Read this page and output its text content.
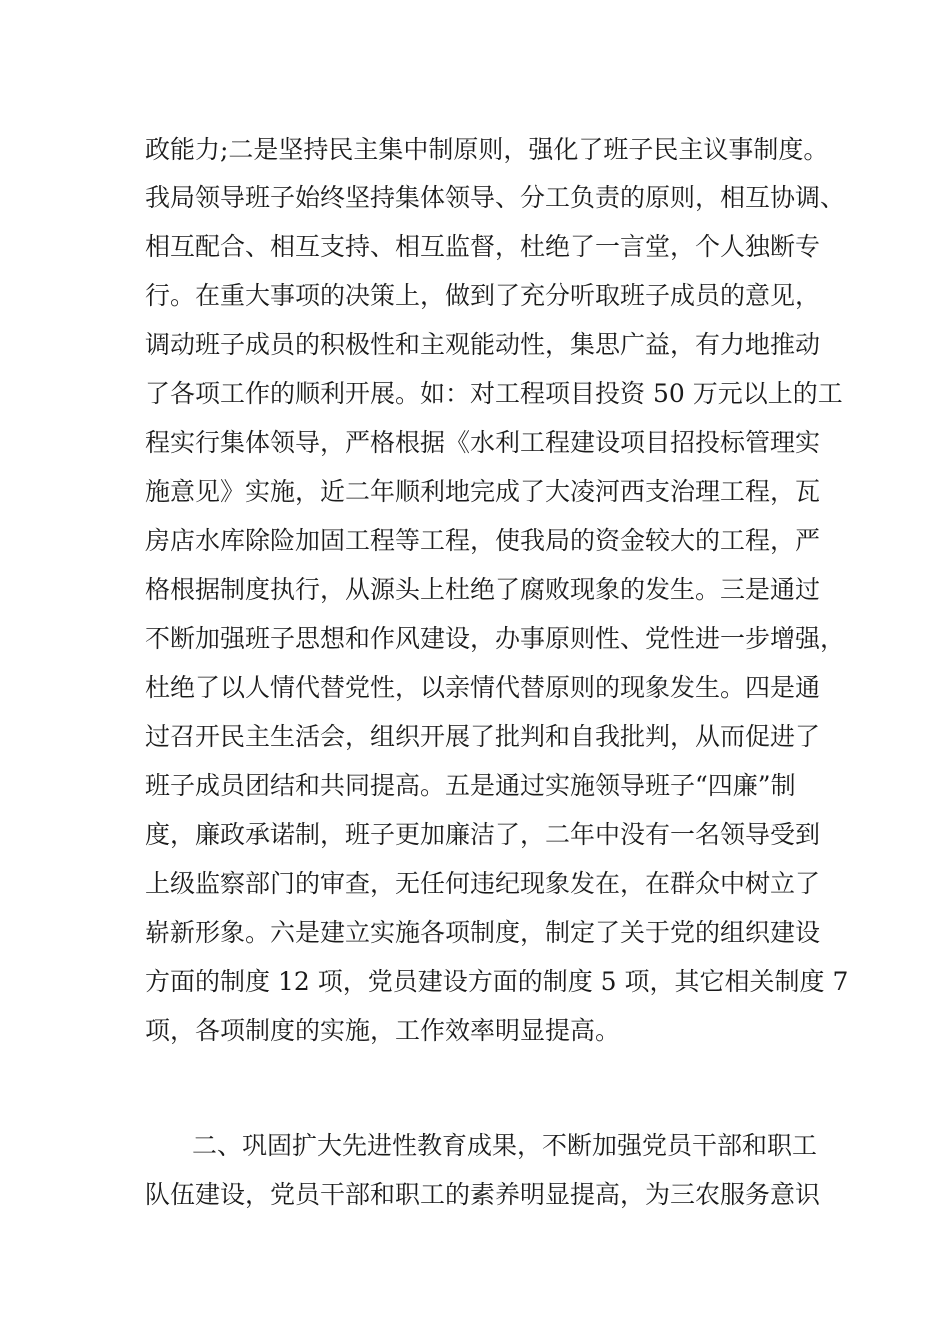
政能力;二是坚持民主集中制原则，强化了班子民主议事制度。
我局领导班子始终坚持集体领导、分工负责的原则，相互协调、
相互配合、相互支持、相互监督，杜绝了一言堂，个人独断专
行。在重大事项的决策上，做到了充分听取班子成员的意见，
调动班子成员的积极性和主观能动性，集思广益，有力地推动
了各项工作的顺利开展。如：对工程项目投资 50 万元以上的工
程实行集体领导，严格根据《水利工程建设项目招投标管理实
施意见》实施，近二年顺利地完成了大凌河西支治理工程，瓦
房店水库除险加固工程等工程，使我局的资金较大的工程，严
格根据制度执行，从源头上杜绝了腐败现象的发生。三是通过
不断加强班子思想和作风建设，办事原则性、党性进一步增强，
杜绝了以人情代替党性，以亲情代替原则的现象发生。四是通
过召开民主生活会，组织开展了批判和自我批判，从而促进了
班子成员团结和共同提高。五是通过实施领导班子“四廉”制
度，廉政承诺制，班子更加廉洁了，二年中没有一名领导受到
上级监察部门的审查，无任何违纪现象发在，在群众中树立了
崭新形象。六是建立实施各项制度，制定了关于党的组织建设
方面的制度 12 项，党员建设方面的制度 5 项，其它相关制度 7
项，各项制度的实施，工作效率明显提高。
二、巩固扩大先进性教育成果，不断加强党员干部和职工
队伍建设，党员干部和职工的素养明显提高，为三农服务意识
